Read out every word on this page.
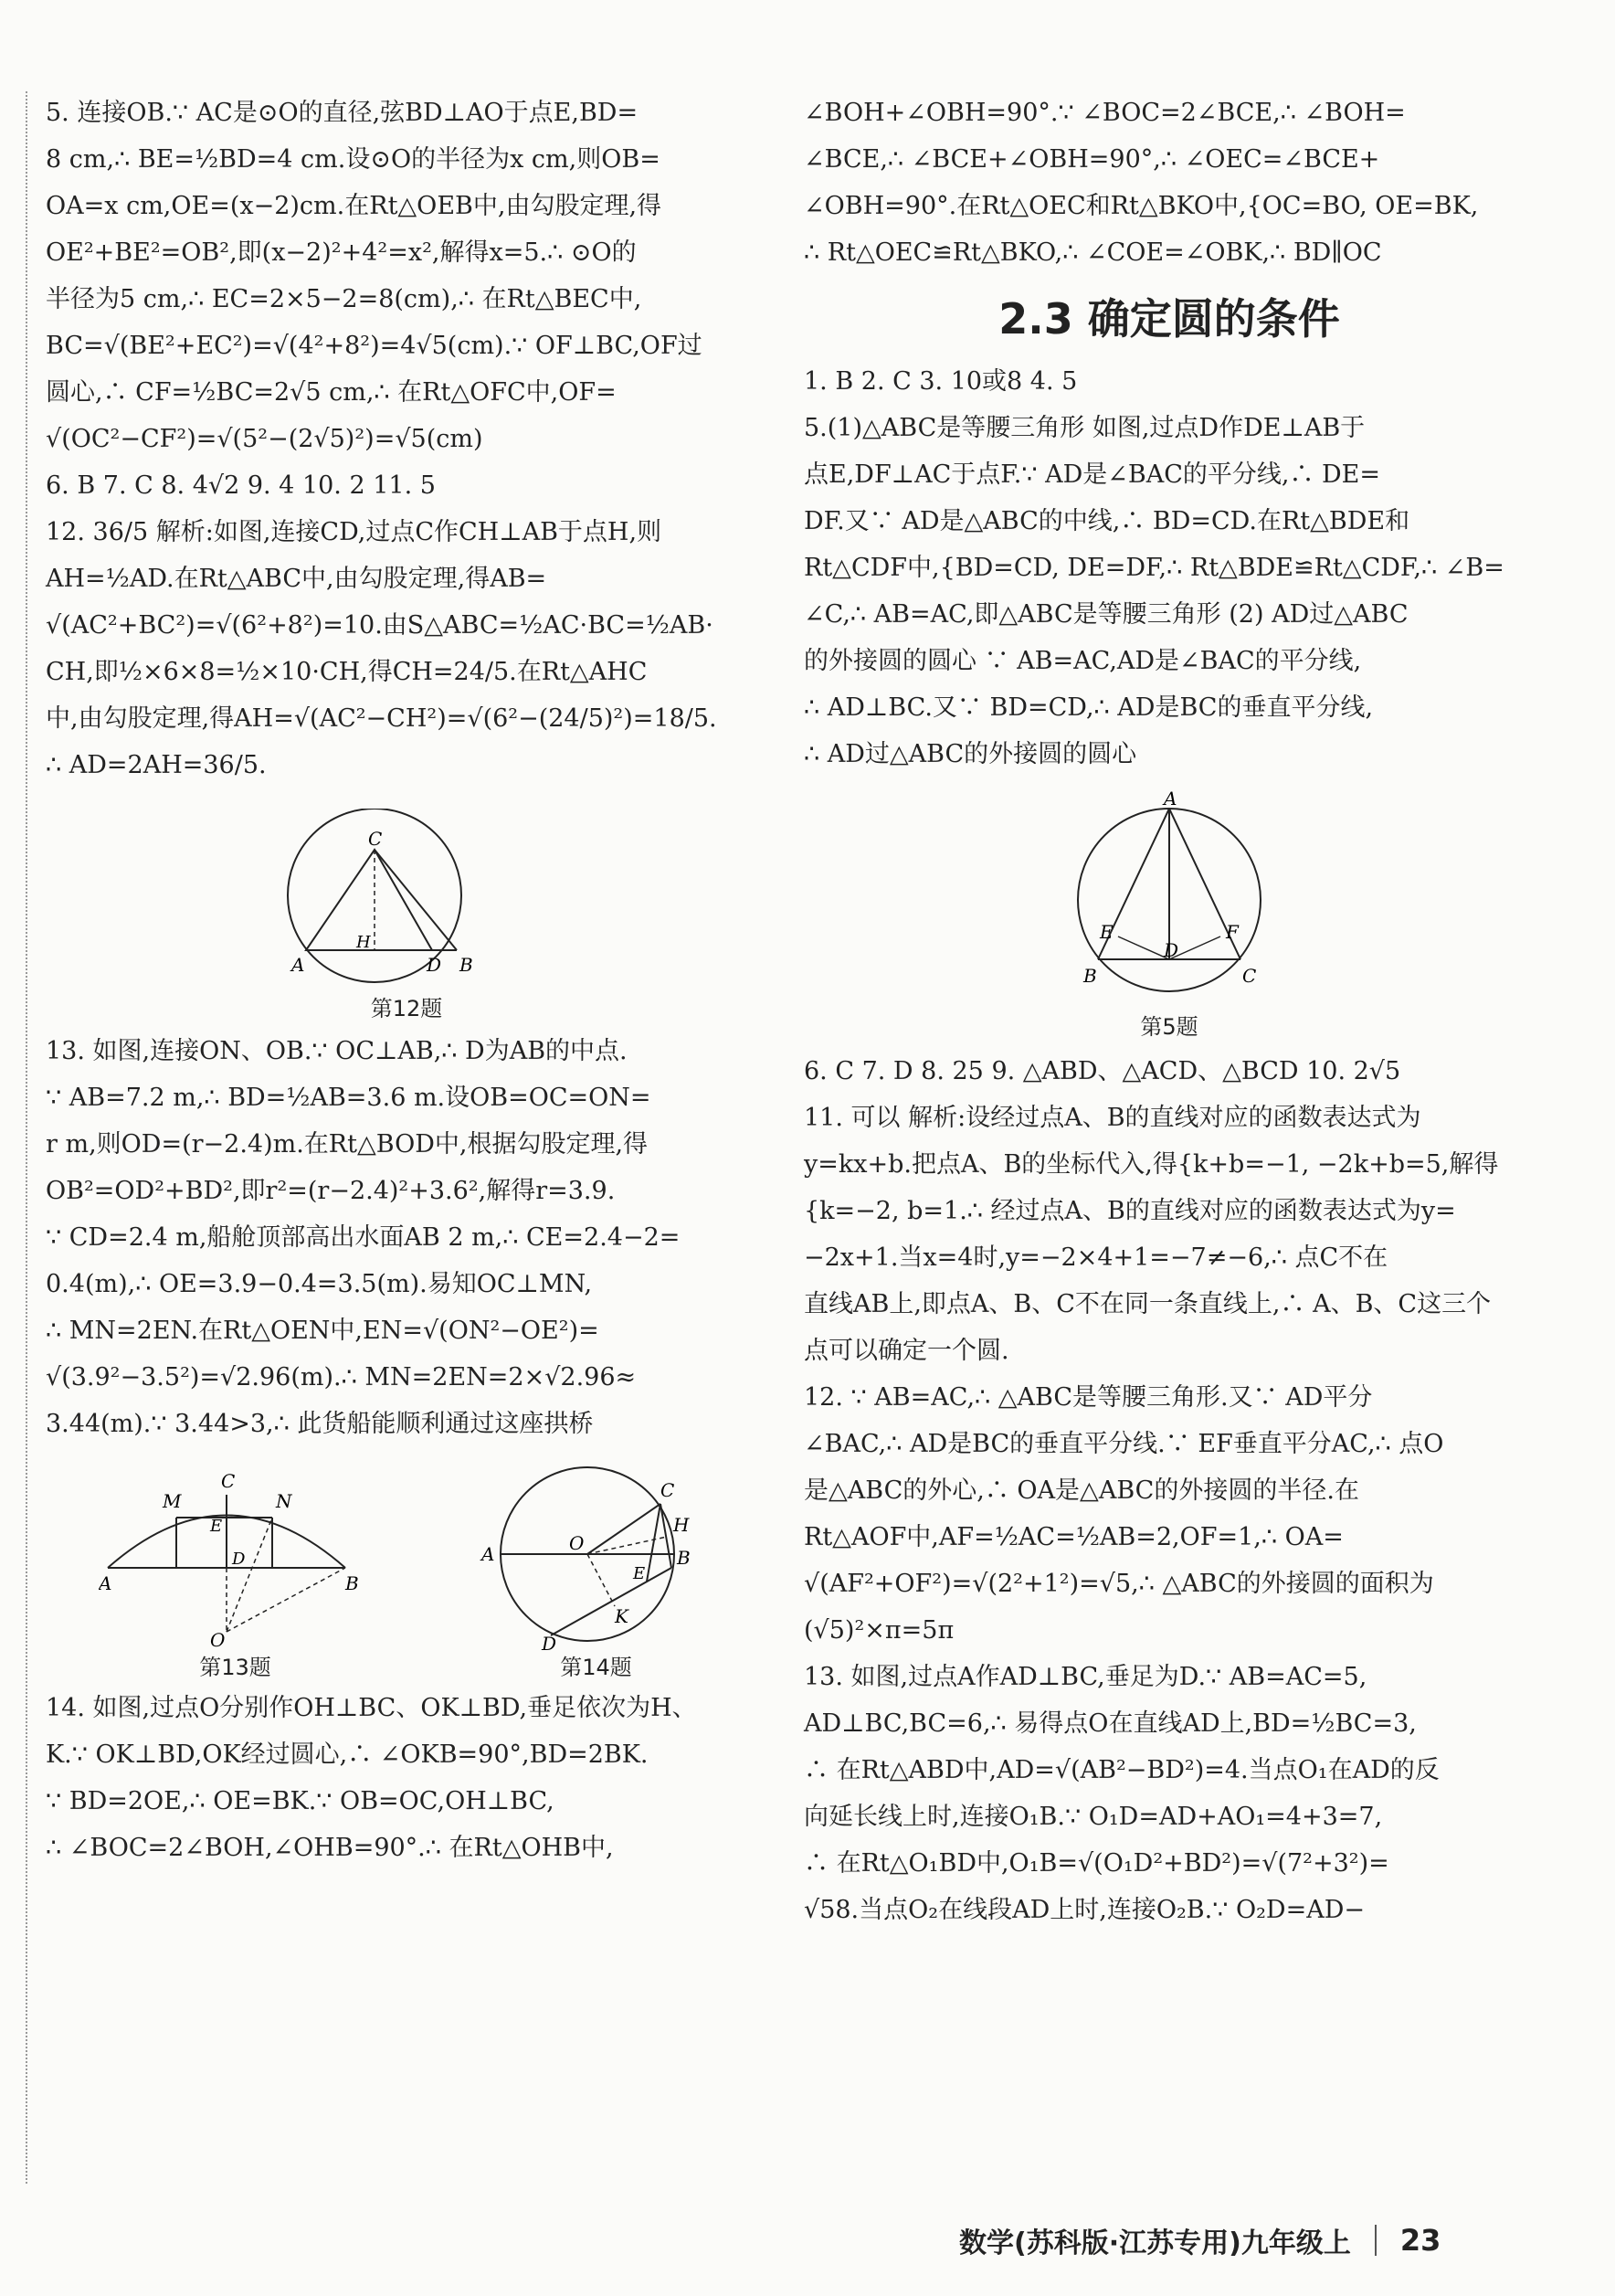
5. 连接OB.∵ AC是⊙O的直径,弦BD⊥AO于点E,BD=

8 cm,∴ BE=½BD=4 cm.设⊙O的半径为x cm,则OB=

OA=x cm,OE=(x−2)cm.在Rt△OEB中,由勾股定理,得

OE²+BE²=OB²,即(x−2)²+4²=x²,解得x=5.∴ ⊙O的

半径为5 cm,∴ EC=2×5−2=8(cm),∴ 在Rt△BEC中,

BC=√(BE²+EC²)=√(4²+8²)=4√5(cm).∵ OF⊥BC,OF过

圆心,∴ CF=½BC=2√5 cm,∴ 在Rt△OFC中,OF=

√(OC²−CF²)=√(5²−(2√5)²)=√5(cm)

6. B 7. C 8. 4√2 9. 4 10. 2 11. 5

12. 36/5 解析:如图,连接CD,过点C作CH⊥AB于点H,则

AH=½AD.在Rt△ABC中,由勾股定理,得AB=

√(AC²+BC²)=√(6²+8²)=10.由S△ABC=½AC·BC=½AB·

CH,即½×6×8=½×10·CH,得CH=24/5.在Rt△AHC

中,由勾股定理,得AH=√(AC²−CH²)=√(6²−(24/5)²)=18/5.

∴ AD=2AH=36/5.

C
H
A	D B
第12题

13. 如图,连接ON、OB.∵ OC⊥AB,∴ D为AB的中点.

∵ AB=7.2 m,∴ BD=½AB=3.6 m.设OB=OC=ON=

r m,则OD=(r−2.4)m.在Rt△BOD中,根据勾股定理,得

OB²=OD²+BD²,即r²=(r−2.4)²+3.6²,解得r=3.9.

∵ CD=2.4 m,船舱顶部高出水面AB 2 m,∴ CE=2.4−2=

0.4(m),∴ OE=3.9−0.4=3.5(m).易知OC⊥MN,

∴ MN=2EN.在Rt△OEN中,EN=√(ON²−OE²)=

√(3.9²−3.5²)=√2.96(m).∴ MN=2EN=2×√2.96≈

3.44(m).∵ 3.44>3,∴ 此货船能顺利通过这座拱桥

M
C
N
E
D
A	B
O
第13题
C
H
A	O
B
E
K
D
第14题

14. 如图,过点O分别作OH⊥BC、OK⊥BD,垂足依次为H、

K.∵ OK⊥BD,OK经过圆心,∴ ∠OKB=90°,BD=2BK.

∵ BD=2OE,∴ OE=BK.∵ OB=OC,OH⊥BC,

∴ ∠BOC=2∠BOH,∠OHB=90°.∴ 在Rt△OHB中,

∠BOH+∠OBH=90°.∵ ∠BOC=2∠BCE,∴ ∠BOH=

∠BCE,∴ ∠BCE+∠OBH=90°,∴ ∠OEC=∠BCE+

∠OBH=90°.在Rt△OEC和Rt△BKO中,{OC=BO, OE=BK,

∴ Rt△OEC≌Rt△BKO,∴ ∠COE=∠OBK,∴ BD∥OC

2.3 确定圆的条件

1. B 2. C 3. 10或8 4. 5

5.(1)△ABC是等腰三角形 如图,过点D作DE⊥AB于

点E,DF⊥AC于点F.∵ AD是∠BAC的平分线,∴ DE=

DF.又∵ AD是△ABC的中线,∴ BD=CD.在Rt△BDE和

Rt△CDF中,{BD=CD, DE=DF,∴ Rt△BDE≌Rt△CDF,∴ ∠B=

∠C,∴ AB=AC,即△ABC是等腰三角形 (2) AD过△ABC

的外接圆的圆心 ∵ AB=AC,AD是∠BAC的平分线,

∴ AD⊥BC.又∵ BD=CD,∴ AD是BC的垂直平分线,

∴ AD过△ABC的外接圆的圆心

A
E
D
F
B	C
第5题

6. C 7. D 8. 25 9. △ABD、△ACD、△BCD 10. 2√5

11. 可以 解析:设经过点A、B的直线对应的函数表达式为

y=kx+b.把点A、B的坐标代入,得{k+b=−1, −2k+b=5,解得

{k=−2, b=1.∴ 经过点A、B的直线对应的函数表达式为y=

−2x+1.当x=4时,y=−2×4+1=−7≠−6,∴ 点C不在

直线AB上,即点A、B、C不在同一条直线上,∴ A、B、C这三个

点可以确定一个圆.

12. ∵ AB=AC,∴ △ABC是等腰三角形.又∵ AD平分

∠BAC,∴ AD是BC的垂直平分线.∵ EF垂直平分AC,∴ 点O

是△ABC的外心,∴ OA是△ABC的外接圆的半径.在

Rt△AOF中,AF=½AC=½AB=2,OF=1,∴ OA=

√(AF²+OF²)=√(2²+1²)=√5,∴ △ABC的外接圆的面积为

(√5)²×π=5π

13. 如图,过点A作AD⊥BC,垂足为D.∵ AB=AC=5,

AD⊥BC,BC=6,∴ 易得点O在直线AD上,BD=½BC=3,

∴ 在Rt△ABD中,AD=√(AB²−BD²)=4.当点O₁在AD的反

向延长线上时,连接O₁B.∵ O₁D=AD+AO₁=4+3=7,

∴ 在Rt△O₁BD中,O₁B=√(O₁D²+BD²)=√(7²+3²)=

√58.当点O₂在线段AD上时,连接O₂B.∵ O₂D=AD−

数学(苏科版·江苏专用)九年级上 23
